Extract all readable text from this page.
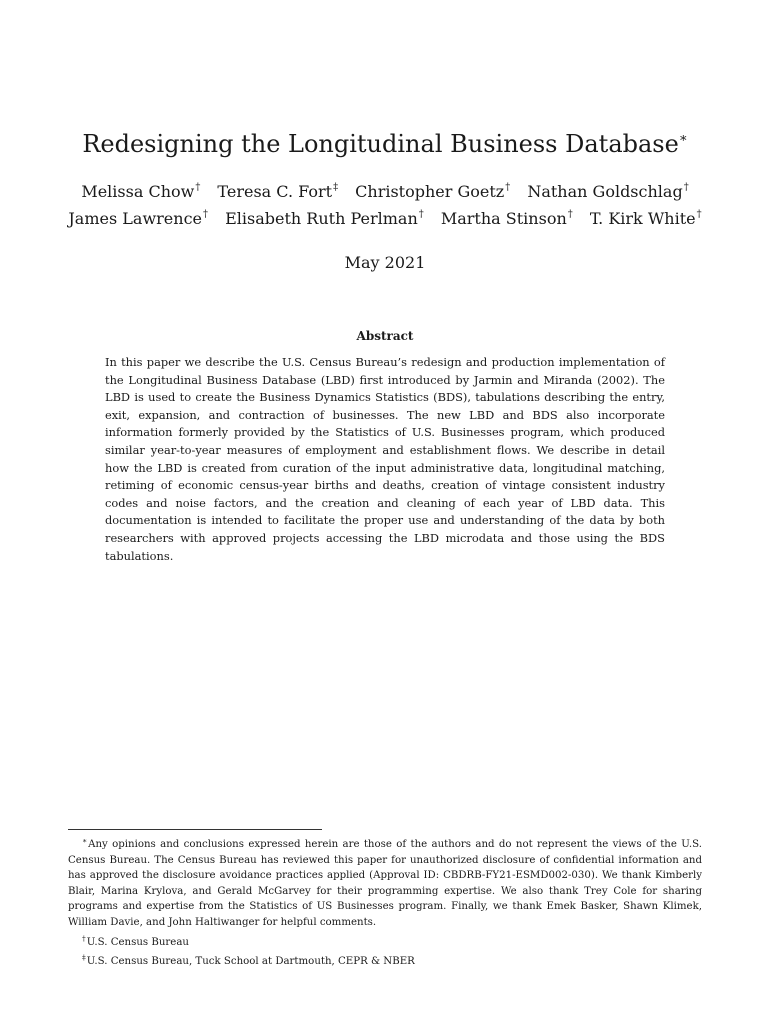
Redesigning the Longitudinal Business Database∗
Melissa Chow† Teresa C. Fort‡ Christopher Goetz† Nathan Goldschlag† James Lawrence† Elisabeth Ruth Perlman† Martha Stinson† T. Kirk White†
May 2021
Abstract

In this paper we describe the U.S. Census Bureau’s redesign and production implementation of the Longitudinal Business Database (LBD) first introduced by Jarmin and Miranda (2002). The LBD is used to create the Business Dynamics Statistics (BDS), tabulations describing the entry, exit, expansion, and contraction of businesses. The new LBD and BDS also incorporate information formerly provided by the Statistics of U.S. Businesses program, which produced similar year-to-year measures of employment and establishment flows. We describe in detail how the LBD is created from curation of the input administrative data, longitudinal matching, retiming of economic census-year births and deaths, creation of vintage consistent industry codes and noise factors, and the creation and cleaning of each year of LBD data. This documentation is intended to facilitate the proper use and understanding of the data by both researchers with approved projects accessing the LBD microdata and those using the BDS tabulations.

∗Any opinions and conclusions expressed herein are those of the authors and do not represent the views of the U.S. Census Bureau. The Census Bureau has reviewed this paper for unauthorized disclosure of confidential information and has approved the disclosure avoidance practices applied (Approval ID: CBDRB-FY21-ESMD002-030). We thank Kimberly Blair, Marina Krylova, and Gerald McGarvey for their programming expertise. We also thank Trey Cole for sharing programs and expertise from the Statistics of US Businesses program. Finally, we thank Emek Basker, Shawn Klimek, William Davie, and John Haltiwanger for helpful comments.

†U.S. Census Bureau

‡U.S. Census Bureau, Tuck School at Dartmouth, CEPR & NBER
